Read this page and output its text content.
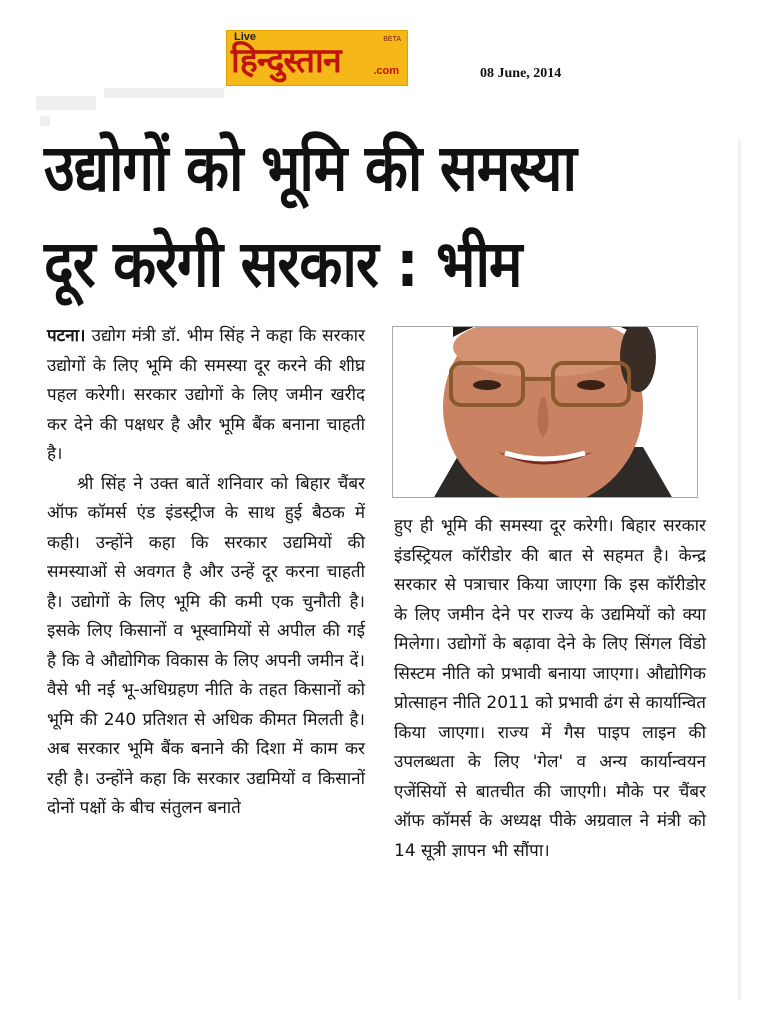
Live	BETA
हिन्दुस्तान	.com	08 June, 2014
उद्योगों को भूमि की समस्या
दूर करेगी सरकार : भीम

पटना। उद्योग मंत्री डॉ. भीम सिंह ने कहा कि सरकार उद्योगों के लिए भूमि की समस्या दूर करने की शीघ्र पहल करेगी। सरकार उद्योगों के लिए जमीन खरीद कर देने की पक्षधर है और भूमि बैंक बनाना चाहती है।

श्री सिंह ने उक्त बातें शनिवार को बिहार चैंबर ऑफ कॉमर्स एंड इंडस्ट्रीज के साथ हुई बैठक में कही। उन्होंने कहा कि सरकार उद्यमियों की समस्याओं से अवगत है और उन्हें दूर करना चाहती है। उद्योगों के लिए भूमि की कमी एक चुनौती है। इसके लिए किसानों व भूस्वामियों से अपील की गई है कि वे औद्योगिक विकास के लिए अपनी जमीन दें। वैसे भी नई भू-अधिग्रहण नीति के तहत किसानों को भूमि की 240 प्रतिशत से अधिक कीमत मिलती है। अब सरकार भूमि बैंक बनाने की दिशा में काम कर रही है। उन्होंने कहा कि सरकार उद्यमियों व किसानों दोनों पक्षों के बीच संतुलन बनाते

हुए ही भूमि की समस्या दूर करेगी। बिहार सरकार इंडस्ट्रियल कॉरीडोर की बात से सहमत है। केन्द्र सरकार से पत्राचार किया जाएगा कि इस कॉरीडोर के लिए जमीन देने पर राज्य के उद्यमियों को क्या मिलेगा। उद्योगों के बढ़ावा देने के लिए सिंगल विंडो सिस्टम नीति को प्रभावी बनाया जाएगा। औद्योगिक प्रोत्साहन नीति 2011 को प्रभावी ढंग से कार्यान्वित किया जाएगा। राज्य में गैस पाइप लाइन की उपलब्धता के लिए 'गेल' व अन्य कार्यान्वयन एजेंसियों से बातचीत की जाएगी। मौके पर चैंबर ऑफ कॉमर्स के अध्यक्ष पीके अग्रवाल ने मंत्री को 14 सूत्री ज्ञापन भी सौंपा।
